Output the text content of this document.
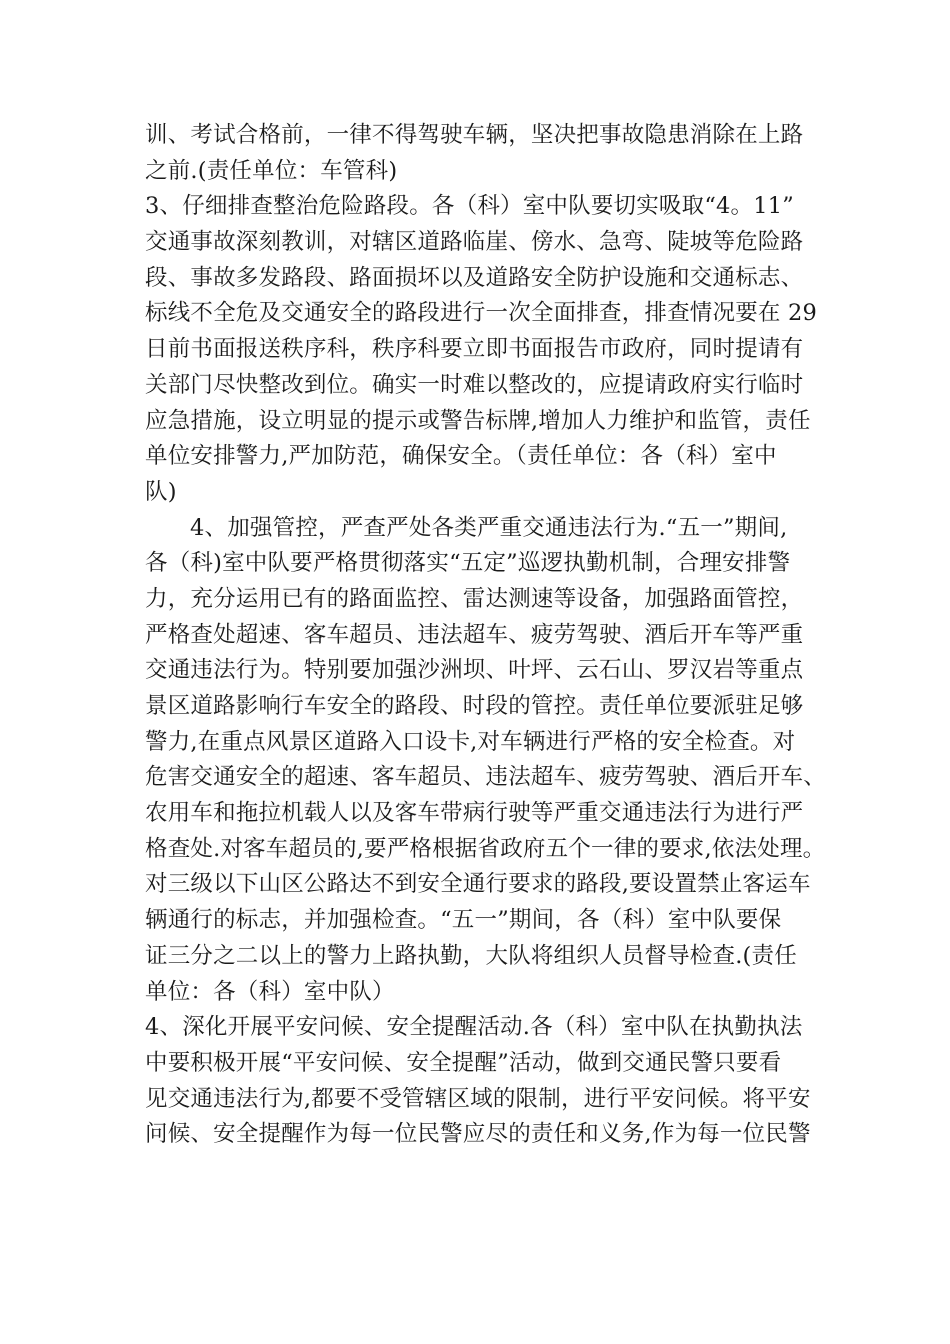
训、考试合格前，一律不得驾驶车辆，坚决把事故隐患消除在上路
之前.(责任单位：车管科)
3、仔细排查整治危险路段。各（科）室中队要切实吸取“4。11”
交通事故深刻教训，对辖区道路临崖、傍水、急弯、陡坡等危险路
段、事故多发路段、路面损坏以及道路安全防护设施和交通标志、
标线不全危及交通安全的路段进行一次全面排查，排查情况要在 29
日前书面报送秩序科，秩序科要立即书面报告市政府，同时提请有
关部门尽快整改到位。确实一时难以整改的，应提请政府实行临时
应急措施，设立明显的提示或警告标牌,增加人力维护和监管，责任
单位安排警力,严加防范，确保安全。（责任单位：各（科）室中
队)
4、加强管控，严查严处各类严重交通违法行为.“五一”期间,
各（科)室中队要严格贯彻落实“五定”巡逻执勤机制，合理安排警
力，充分运用已有的路面监控、雷达测速等设备，加强路面管控，
严格查处超速、客车超员、违法超车、疲劳驾驶、酒后开车等严重
交通违法行为。特别要加强沙洲坝、叶坪、云石山、罗汉岩等重点
景区道路影响行车安全的路段、时段的管控。责任单位要派驻足够
警力,在重点风景区道路入口设卡,对车辆进行严格的安全检查。对
危害交通安全的超速、客车超员、违法超车、疲劳驾驶、酒后开车、
农用车和拖拉机载人以及客车带病行驶等严重交通违法行为进行严
格查处.对客车超员的,要严格根据省政府五个一律的要求,依法处理。
对三级以下山区公路达不到安全通行要求的路段,要设置禁止客运车
辆通行的标志，并加强检查。“五一”期间，各（科）室中队要保
证三分之二以上的警力上路执勤，大队将组织人员督导检查.(责任
单位：各（科）室中队）
4、深化开展平安问候、安全提醒活动.各（科）室中队在执勤执法
中要积极开展“平安问候、安全提醒”活动，做到交通民警只要看
见交通违法行为,都要不受管辖区域的限制，进行平安问候。将平安
问候、安全提醒作为每一位民警应尽的责任和义务,作为每一位民警
